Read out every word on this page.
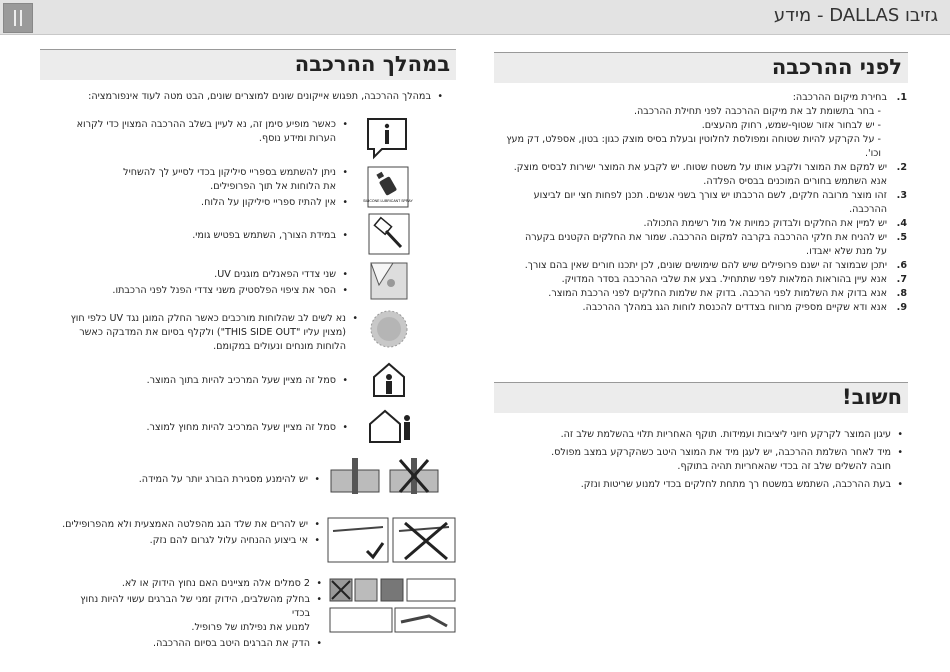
גזיבו DALLAS - מידע
לפני ההרכבה
1.
בחירת מיקום ההרכבה:
- בחר בתשומת לב את מיקום ההרכבה לפני תחילת ההרכבה.
- יש לבחור אזור שטוף-שמש, רחוק מהעצים.
- על הקרקע להיות שטוחה ומפולסת לחלוטין ובעלת בסיס מוצק כגון: בטון, אספלט, דק מעץ וכו'.
2.
יש למקם את המוצר ולקבע אותו על משטח שטוח. יש לקבע את המוצר ישירות לבסיס מוצק.
אנא השתמש בחורים המוכנים בבסיס הפלדה.
3.
זהו מוצר מרובה חלקים, לשם הרכבתו יש צורך בשני אנשים. תכנן לפחות חצי יום לביצוע ההרכבה.
4.
יש למיין את החלקים ולבדוק כמויות אל מול רשימת התכולה.
5.
יש להניח את חלקי ההרכבה בקרבה למקום ההרכבה. שמור את החלקים הקטנים בקערה
על מנת שלא יאבדו.
6.
יתכן שבמוצר זה ישנם פרופילים שיש להם שימושים שונים, לכן יתכנו חורים שאין בהם צורך.
7.
אנא עיין בהוראות המלאות לפני שתתחיל. בצע את שלבי ההרכבה בסדר המדויק.
8.
אנא בדוק את השלמות לפני הרכבה. בדוק את שלמות החלקים לפני הרכבת המוצר.
9.
אנא ודא שקיים מספיק מרווח בצדדים להכנסת לוחות הגג במהלך ההרכבה.
חשוב!
• עיגון המוצר לקרקע חיוני ליציבות ועמידות. תוקף האחריות תלוי בהשלמת שלב זה.
• מיד לאחר השלמת ההרכבה, יש לעגן מיד את המוצר היטב כשהקרקע במצב מפולס.
חובה להשלים שלב זה בכדי שהאחריות תהיה בתוקף.
• בעת ההרכבה, השתמש במשטח רך מתחת לחלקים בכדי למנוע שריטות ונזק.
במהלך ההרכבה
• במהלך ההרכבה, תפגוש אייקונים שונים למוצרים שונים, הבט מטה לעוד אינפורמציה:
SILICONE LUBRICANT SPRAY
• כאשר מופיע סימן זה, נא לעיין בשלב ההרכבה המצוין כדי לקרוא
הערות ומידע נוסף.
• ניתן להשתמש בספריי סיליקון בכדי לסייע לך להשחיל
את הלוחות אל תוך הפרופילים.
• אין להתיז ספריי סיליקון על הלוח.
• במידת הצורך, השתמש בפטיש גומי.
• שני צדדי הפאנלים מוגנים UV.
• הסר את ציפוי הפלסטיק משני צדדי הפנל לפני הרכבתו.
• נא לשים לב שהלוחות מורכבים כאשר החלק המוגן נגד UV כלפי חוץ
(מצוין עליו "THIS SIDE OUT") ולקלף בסיום את המדבקה כאשר
הלוחות מונחים ונעולים במקומם.
• סמל זה מציין שעל המרכיב להיות בתוך המוצר.
• סמל זה מציין שעל המרכיב להיות מחוץ למוצר.
• יש להימנע מסגירת הבורג יותר על המידה.
• יש להרים את שלד הגג מהפלטה האמצעית ולא מהפרופילים.
• אי ביצוע ההנחיה עלול לגרום להם נזק.
• 2 סמלים אלה מציינים האם נחוץ הידוק או לא.
• בחלק מהשלבים, הידוק זמני של הברגים עשוי להיות נחוץ בכדי
למנוע את נפילתו של פרופיל.
• הדק את הברגים היטב בסיום ההרכבה.
